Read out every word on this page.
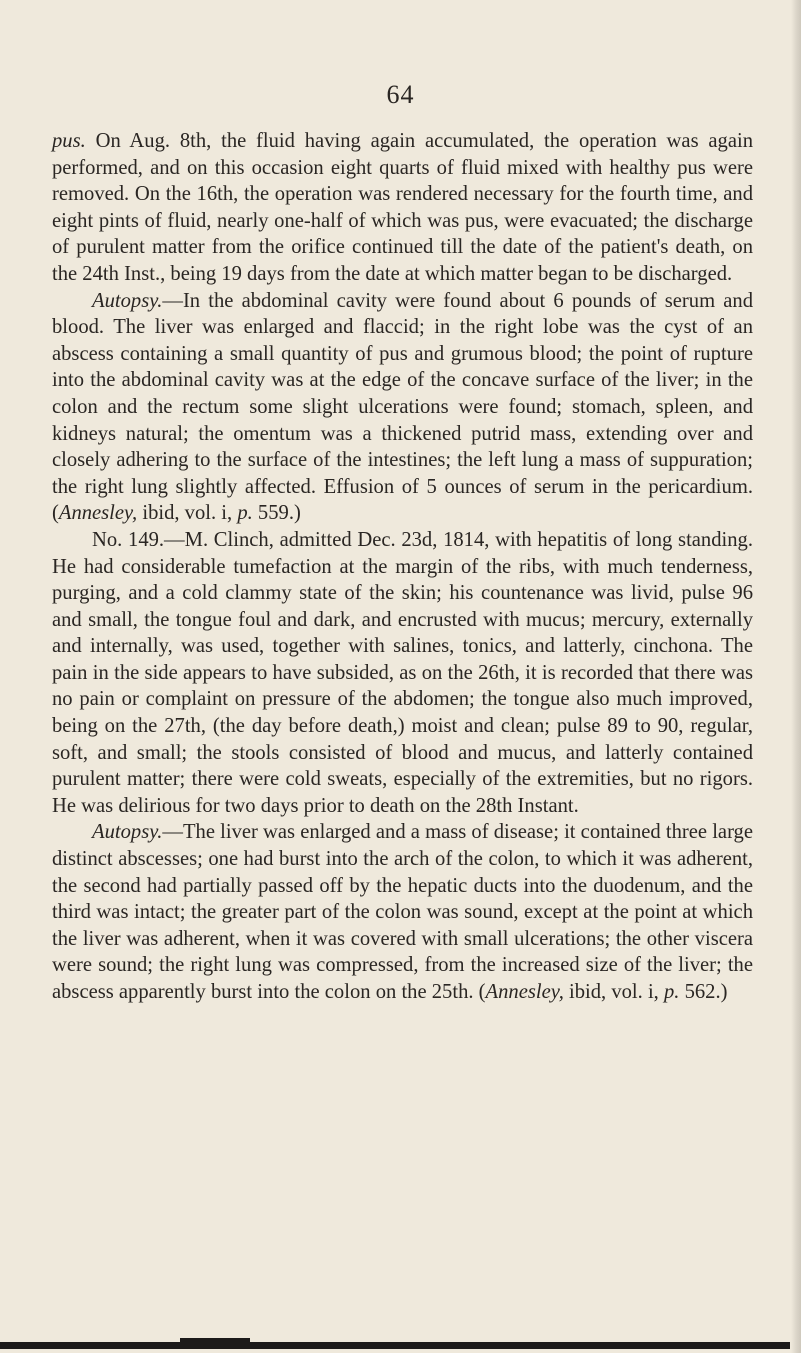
64

pus. On Aug. 8th, the fluid having again accumulated, the operation was again performed, and on this occasion eight quarts of fluid mixed with healthy pus were removed. On the 16th, the operation was rendered necessary for the fourth time, and eight pints of fluid, nearly one-half of which was pus, were evacuated; the discharge of purulent matter from the orifice continued till the date of the patient's death, on the 24th Inst., being 19 days from the date at which matter began to be discharged.

Autopsy.—In the abdominal cavity were found about 6 pounds of serum and blood. The liver was enlarged and flaccid; in the right lobe was the cyst of an abscess containing a small quantity of pus and grumous blood; the point of rupture into the abdominal cavity was at the edge of the concave surface of the liver; in the colon and the rectum some slight ulcerations were found; stomach, spleen, and kidneys natural; the omentum was a thickened putrid mass, extending over and closely adhering to the surface of the intestines; the left lung a mass of suppuration; the right lung slightly affected. Effusion of 5 ounces of serum in the pericardium. (Annesley, ibid, vol. i, p. 559.)

No. 149.—M. Clinch, admitted Dec. 23d, 1814, with hepatitis of long standing. He had considerable tumefaction at the margin of the ribs, with much tenderness, purging, and a cold clammy state of the skin; his countenance was livid, pulse 96 and small, the tongue foul and dark, and encrusted with mucus; mercury, externally and internally, was used, together with salines, tonics, and latterly, cinchona. The pain in the side appears to have subsided, as on the 26th, it is recorded that there was no pain or complaint on pressure of the abdomen; the tongue also much improved, being on the 27th, (the day before death,) moist and clean; pulse 89 to 90, regular, soft, and small; the stools consisted of blood and mucus, and latterly contained purulent matter; there were cold sweats, especially of the extremities, but no rigors. He was delirious for two days prior to death on the 28th Instant.

Autopsy.—The liver was enlarged and a mass of disease; it contained three large distinct abscesses; one had burst into the arch of the colon, to which it was adherent, the second had partially passed off by the hepatic ducts into the duodenum, and the third was intact; the greater part of the colon was sound, except at the point at which the liver was adherent, when it was covered with small ulcerations; the other viscera were sound; the right lung was compressed, from the increased size of the liver; the abscess apparently burst into the colon on the 25th. (Annesley, ibid, vol. i, p. 562.)
